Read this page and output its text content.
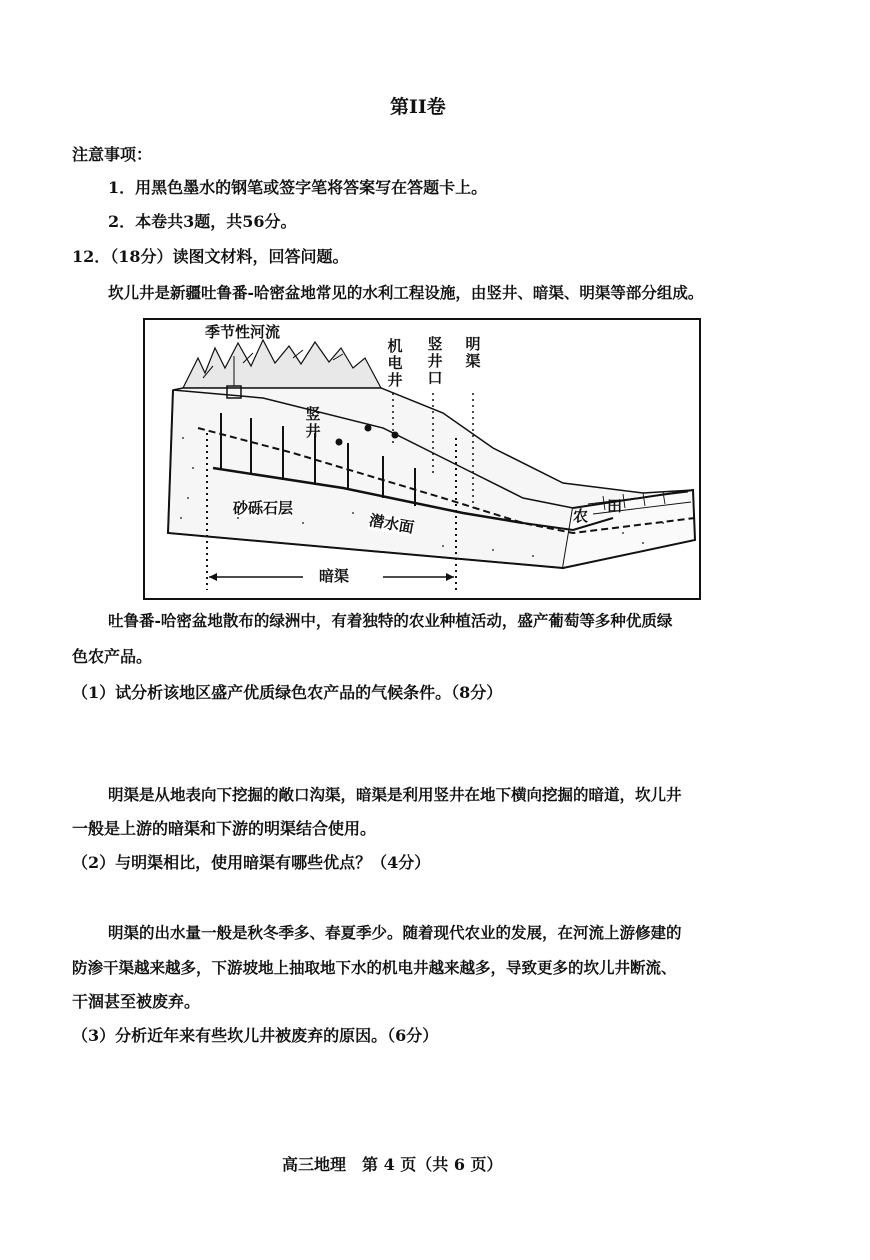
第II卷
注意事项：
1．用黑色墨水的钢笔或签字笔将答案写在答题卡上。
2．本卷共3题，共56分。
12．（18分）读图文材料，回答问题。
坎儿井是新疆吐鲁番-哈密盆地常见的水利工程设施，由竖井、暗渠、明渠等部分组成。
季节性河流
机电井
竖井口
明渠
竖井
砂砾石层
潜水面	农
田
暗渠
吐鲁番-哈密盆地散布的绿洲中，有着独特的农业种植活动，盛产葡萄等多种优质绿
色农产品。
（1）试分析该地区盛产优质绿色农产品的气候条件。（8分）
明渠是从地表向下挖掘的敞口沟渠，暗渠是利用竖井在地下横向挖掘的暗道，坎儿井
一般是上游的暗渠和下游的明渠结合使用。
（2）与明渠相比，使用暗渠有哪些优点？（4分）
明渠的出水量一般是秋冬季多、春夏季少。随着现代农业的发展，在河流上游修建的
防渗干渠越来越多，下游坡地上抽取地下水的机电井越来越多，导致更多的坎儿井断流、
干涸甚至被废弃。
（3）分析近年来有些坎儿井被废弃的原因。（6分）
高三地理　第 4 页（共 6 页）
